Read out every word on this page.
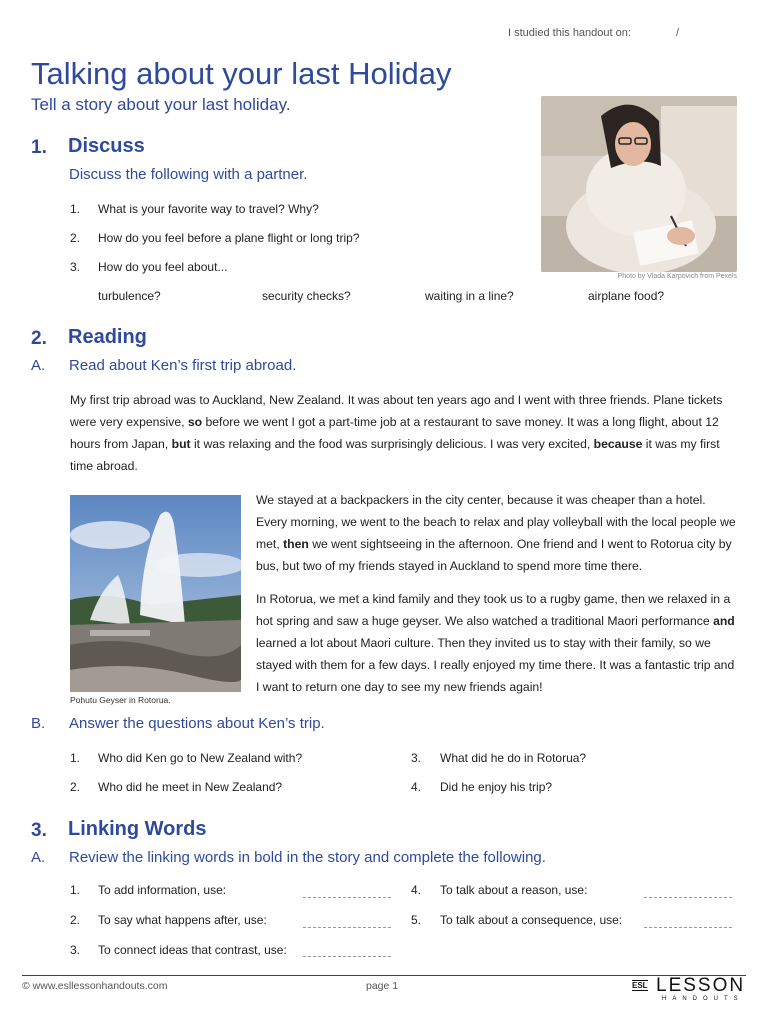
I studied this handout on:	/
Talking about your last Holiday
Tell a story about your last holiday.
Photo by Vlada Karpovich from Pexels
1. Discuss
Discuss the following with a partner.
1. What is your favorite way to travel? Why?
2. How do you feel before a plane flight or long trip?
3. How do you feel about...
turbulence?	security checks?	waiting in a line?	airplane food?
2. Reading
A. Read about Ken’s first trip abroad.
My first trip abroad was to Auckland, New Zealand. It was about ten years ago and I went with three friends. Plane tickets were very expensive, so before we went I got a part-time job at a restaurant to save money. It was a long flight, about 12 hours from Japan, but it was relaxing and the food was surprisingly delicious. I was very excited, because it was my first time abroad.
Pohutu Geyser in Rotorua.
We stayed at a backpackers in the city center, because it was cheaper than a hotel. Every morning, we went to the beach to relax and play volleyball with the local people we met, then we went sightseeing in the afternoon. One friend and I went to Rotorua city by bus, but two of my friends stayed in Auckland to spend more time there.
In Rotorua, we met a kind family and they took us to a rugby game, then we relaxed in a hot spring and saw a huge geyser. We also watched a traditional Maori performance and learned a lot about Maori culture. Then they invited us to stay with their family, so we stayed with them for a few days. I really enjoyed my time there. It was a fantastic trip and I want to return one day to see my new friends again!
B. Answer the questions about Ken’s trip.
1. Who did Ken go to New Zealand with?
2. Who did he meet in New Zealand?
3. What did he do in Rotorua?
4. Did he enjoy his trip?
3. Linking Words
A. Review the linking words in bold in the story and complete the following.
1. To add information, use:
2. To say what happens after, use:
3. To connect ideas that contrast, use:
4. To talk about a reason, use:
5. To talk about a consequence, use:
© www.esllessonhandouts.com	page 1	ESL LESSON
HANDOUTS
